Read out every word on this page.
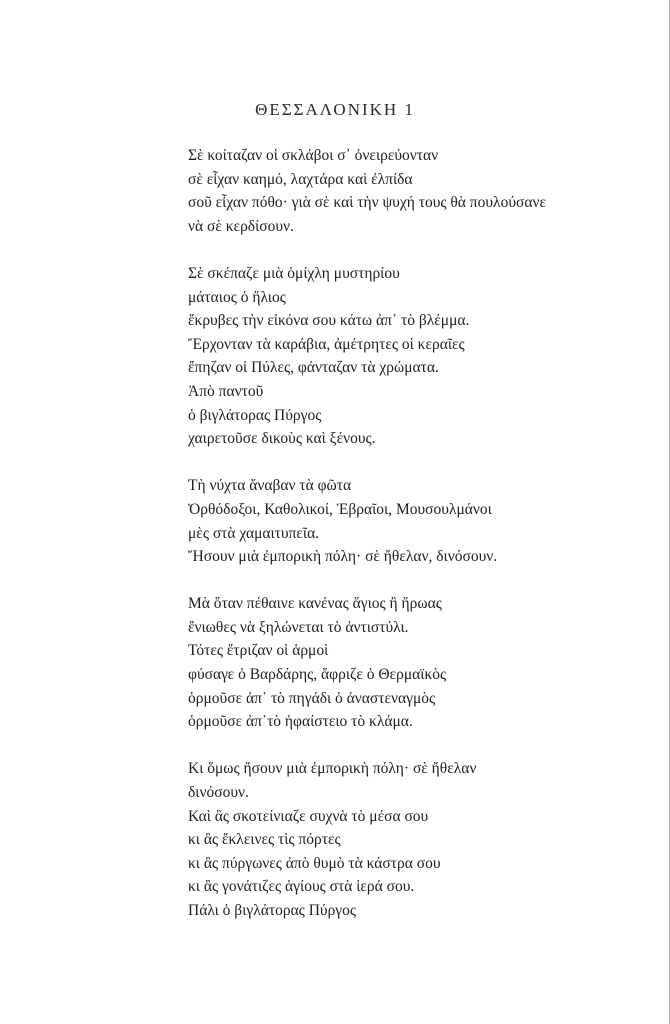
ΘΕΣΣΑΛΟΝΙΚΗ 1
Σὲ κοίταζαν οἱ σκλάβοι σ᾽ ὀνειρεύονταν
σὲ εἶχαν καημό, λαχτάρα καὶ ἐλπίδα
σοῦ εἶχαν πόθο· γιὰ σὲ καὶ τὴν ψυχή τους θὰ πουλούσανε
νὰ σὲ κερδίσουν.
Σὲ σκέπαζε μιὰ ὁμίχλη μυστηρίου
μάταιος ὁ ἥλιος
ἔκρυβες τὴν εἰκόνα σου κάτω ἀπ᾽ τὸ βλέμμα.
Ἔρχονταν τὰ καράβια, ἀμέτρητες οἱ κεραῖες
ἔπηζαν οἱ Πύλες, φάνταζαν τὰ χρώματα.
Ἀπὸ παντοῦ
ὁ βιγλάτορας Πύργος
χαιρετοῦσε δικοὺς καὶ ξένους.
Τὴ νύχτα ἄναβαν τὰ φῶτα
Ὀρθόδοξοι, Καθολικοί, Ἑβραῖοι, Μουσουλμάνοι
μὲς στὰ χαμαιτυπεῖα.
Ἤσουν μιὰ ἐμπορικὴ πόλη· σὲ ἤθελαν, δινόσουν.
Μὰ ὅταν πέθαινε κανένας ἅγιος ἢ ἥρωας
ἔνιωθες νὰ ξηλώνεται τὸ ἀντιστύλι.
Τότες ἔτριζαν οἱ ἁρμοὶ
φύσαγε ὁ Βαρδάρης, ἄφριζε ὁ Θερμαϊκὸς
ὁρμοῦσε ἀπ᾽ τὸ πηγάδι ὁ ἀναστεναγμὸς
ὁρμοῦσε ἀπ᾽τὸ ἡφαίστειο τὸ κλάμα.
Κι ὅμως ἤσουν μιὰ ἐμπορικὴ πόλη· σὲ ἤθελαν
δινόσουν.
Καὶ ἂς σκοτείνιαζε συχνὰ τὸ μέσα σου
κι ἂς ἔκλεινες τὶς πόρτες
κι ἂς πύργωνες ἀπὸ θυμὸ τὰ κάστρα σου
κι ἂς γονάτιζες ἁγίους στὰ ἱερά σου.
Πάλι ὁ βιγλάτορας Πύργος
